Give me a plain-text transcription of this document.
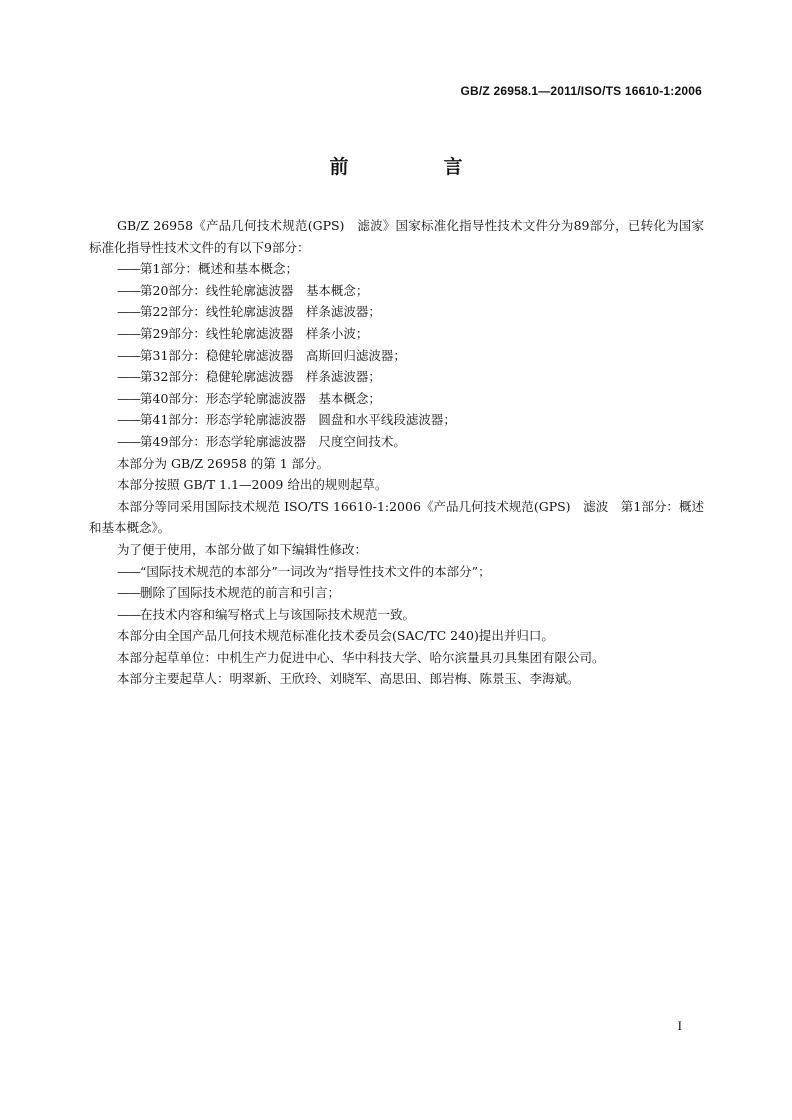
GB/Z 26958.1—2011/ISO/TS 16610-1:2006
前　言

GB/Z 26958《产品几何技术规范(GPS)　滤波》国家标准化指导性技术文件分为89部分，已转化为国家标准化指导性技术文件的有以下9部分：

——第1部分：概述和基本概念；
——第20部分：线性轮廓滤波器　基本概念；
——第22部分：线性轮廓滤波器　样条滤波器；
——第29部分：线性轮廓滤波器　样条小波；
——第31部分：稳健轮廓滤波器　高斯回归滤波器；
——第32部分：稳健轮廓滤波器　样条滤波器；
——第40部分：形态学轮廓滤波器　基本概念；
——第41部分：形态学轮廓滤波器　圆盘和水平线段滤波器；
——第49部分：形态学轮廓滤波器　尺度空间技术。

本部分为 GB/Z 26958 的第 1 部分。

本部分按照 GB/T 1.1—2009 给出的规则起草。

本部分等同采用国际技术规范 ISO/TS 16610-1:2006《产品几何技术规范(GPS)　滤波　第1部分：概述和基本概念》。

为了便于使用，本部分做了如下编辑性修改：

——“国际技术规范的本部分”一词改为“指导性技术文件的本部分”；
——删除了国际技术规范的前言和引言；
——在技术内容和编写格式上与该国际技术规范一致。

本部分由全国产品几何技术规范标准化技术委员会(SAC/TC 240)提出并归口。

本部分起草单位：中机生产力促进中心、华中科技大学、哈尔滨量具刃具集团有限公司。

本部分主要起草人：明翠新、王欣玲、刘晓军、高思田、郎岩梅、陈景玉、李海斌。

I
